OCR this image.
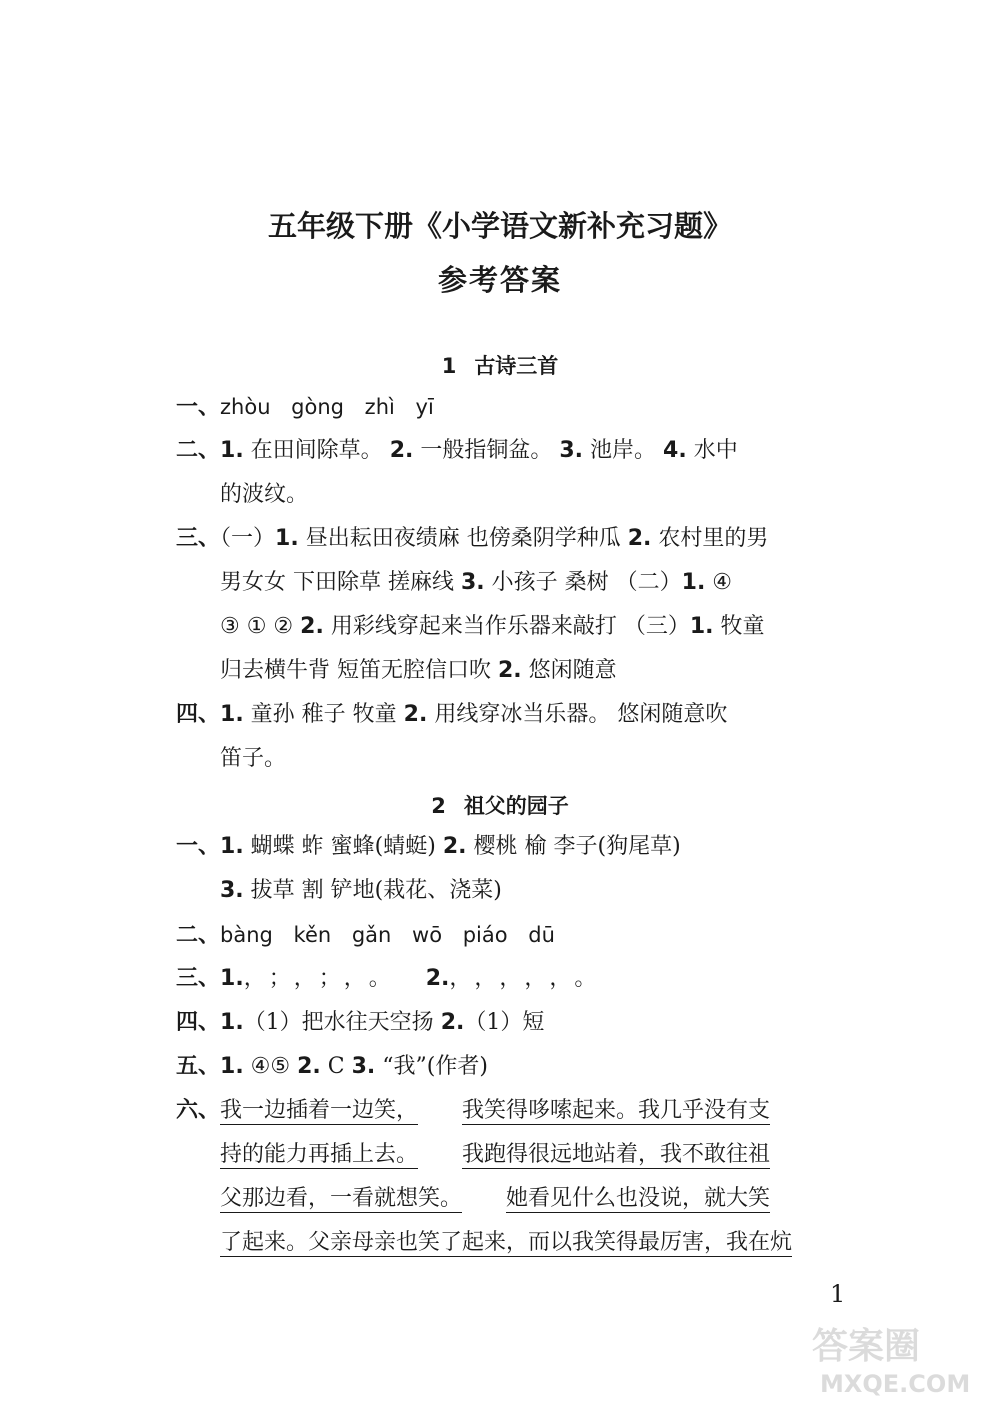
五年级下册《小学语文新补充习题》
参考答案
1 古诗三首
一、zhòu gòng zhì yī
二、1. 在田间除草。 2. 一般指铜盆。 3. 池岸。 4. 水中
的波纹。
三、（一）1. 昼出耘田夜绩麻 也傍桑阴学种瓜 2. 农村里的男
男女女 下田除草 搓麻线 3. 小孩子 桑树 （二）1. ④
③ ① ② 2. 用彩线穿起来当作乐器来敲打 （三）1. 牧童
归去横牛背 短笛无腔信口吹 2. 悠闲随意
四、1. 童孙 稚子 牧童 2. 用线穿冰当乐器。 悠闲随意吹
笛子。
2 祖父的园子
一、1. 蝴蝶 蚱 蜜蜂(蜻蜓) 2. 樱桃 榆 李子(狗尾草)
3. 拔草 割 铲地(栽花、浇菜)
二、bàng kěn gǎn wō piáo dū
三、1.，；，；，。 2.，，，，，。
四、1.（1）把水往天空扬 2.（1）短
五、1. ④⑤ 2. C 3. “我”(作者)
六、我一边插着一边笑， 我笑得哆嗦起来。我几乎没有支
持的能力再插上去。 我跑得很远地站着，我不敢往祖
父那边看，一看就想笑。 她看见什么也没说，就大笑
了起来。父亲母亲也笑了起来，而以我笑得最厉害，我在炕
1
答案圈
MXQE.COM
